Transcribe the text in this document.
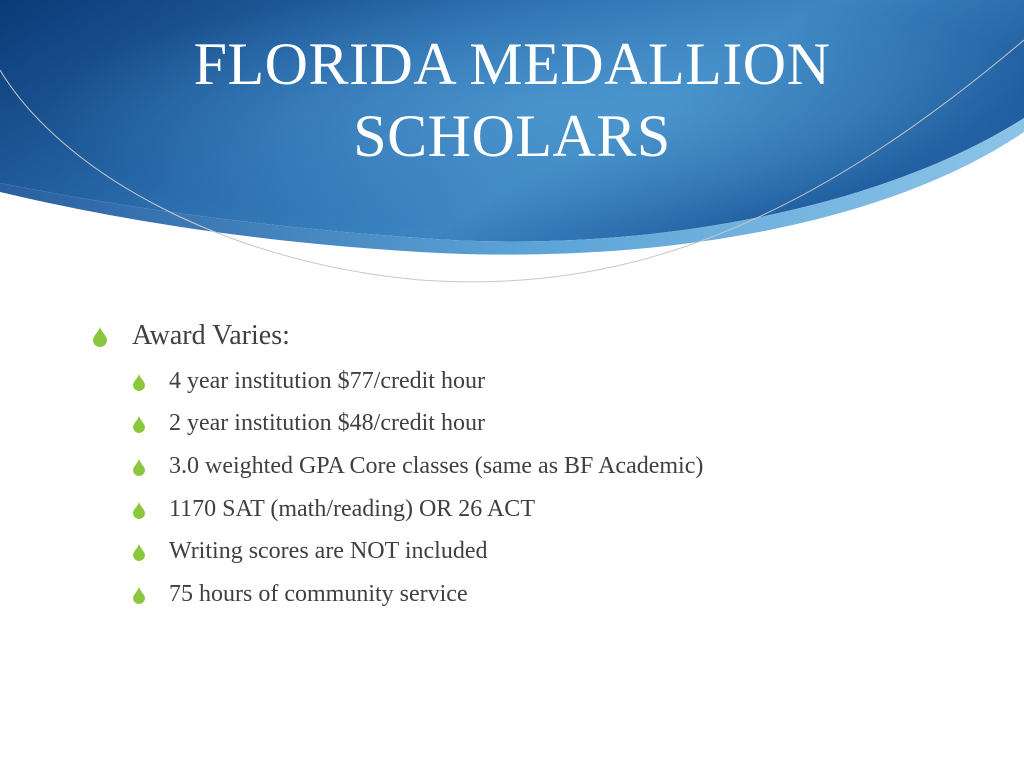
FLORIDA MEDALLION
SCHOLARS
Award Varies:
4 year institution $77/credit hour
2 year institution $48/credit hour
3.0 weighted GPA Core classes (same as BF Academic)
1170 SAT (math/reading) OR 26 ACT
Writing scores are NOT included
75 hours of community service
